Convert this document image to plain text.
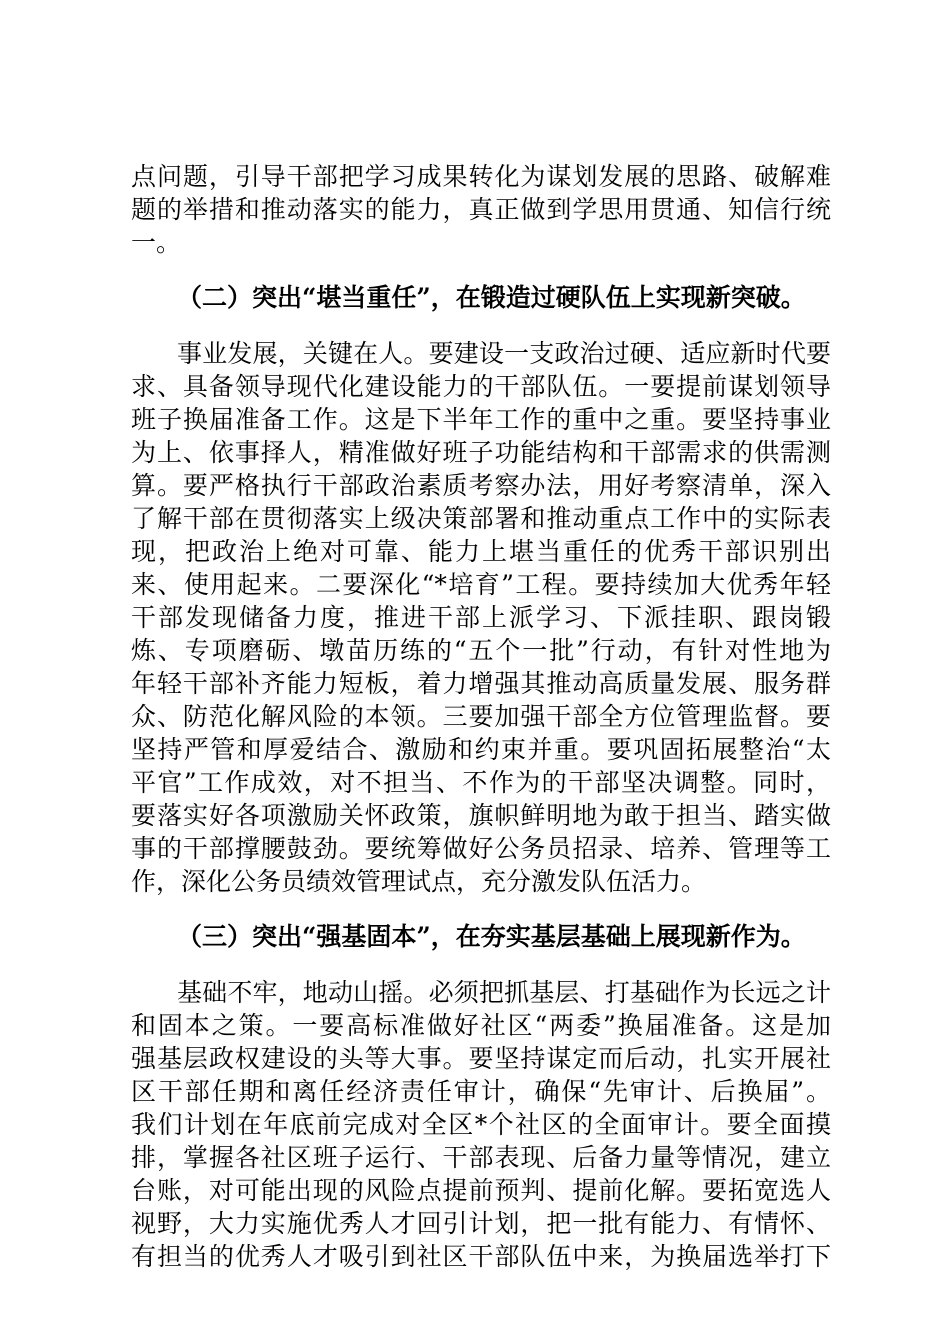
点问题，引导干部把学习成果转化为谋划发展的思路、破解难
题的举措和推动落实的能力，真正做到学思用贯通、知信行统
一。
（二）突出“堪当重任”，在锻造过硬队伍上实现新突破。
事业发展，关键在人。要建设一支政治过硬、适应新时代要
求、具备领导现代化建设能力的干部队伍。一要提前谋划领导
班子换届准备工作。这是下半年工作的重中之重。要坚持事业
为上、依事择人，精准做好班子功能结构和干部需求的供需测
算。要严格执行干部政治素质考察办法，用好考察清单，深入
了解干部在贯彻落实上级决策部署和推动重点工作中的实际表
现，把政治上绝对可靠、能力上堪当重任的优秀干部识别出
来、使用起来。二要深化“*培育”工程。要持续加大优秀年轻
干部发现储备力度，推进干部上派学习、下派挂职、跟岗锻
炼、专项磨砺、墩苗历练的“五个一批”行动，有针对性地为
年轻干部补齐能力短板，着力增强其推动高质量发展、服务群
众、防范化解风险的本领。三要加强干部全方位管理监督。要
坚持严管和厚爱结合、激励和约束并重。要巩固拓展整治“太
平官”工作成效，对不担当、不作为的干部坚决调整。同时，
要落实好各项激励关怀政策，旗帜鲜明地为敢于担当、踏实做
事的干部撑腰鼓劲。要统筹做好公务员招录、培养、管理等工
作，深化公务员绩效管理试点，充分激发队伍活力。
（三）突出“强基固本”，在夯实基层基础上展现新作为。
基础不牢，地动山摇。必须把抓基层、打基础作为长远之计
和固本之策。一要高标准做好社区“两委”换届准备。这是加
强基层政权建设的头等大事。要坚持谋定而后动，扎实开展社
区干部任期和离任经济责任审计，确保“先审计、后换届”。
我们计划在年底前完成对全区*个社区的全面审计。要全面摸
排，掌握各社区班子运行、干部表现、后备力量等情况，建立
台账，对可能出现的风险点提前预判、提前化解。要拓宽选人
视野，大力实施优秀人才回引计划，把一批有能力、有情怀、
有担当的优秀人才吸引到社区干部队伍中来，为换届选举打下
